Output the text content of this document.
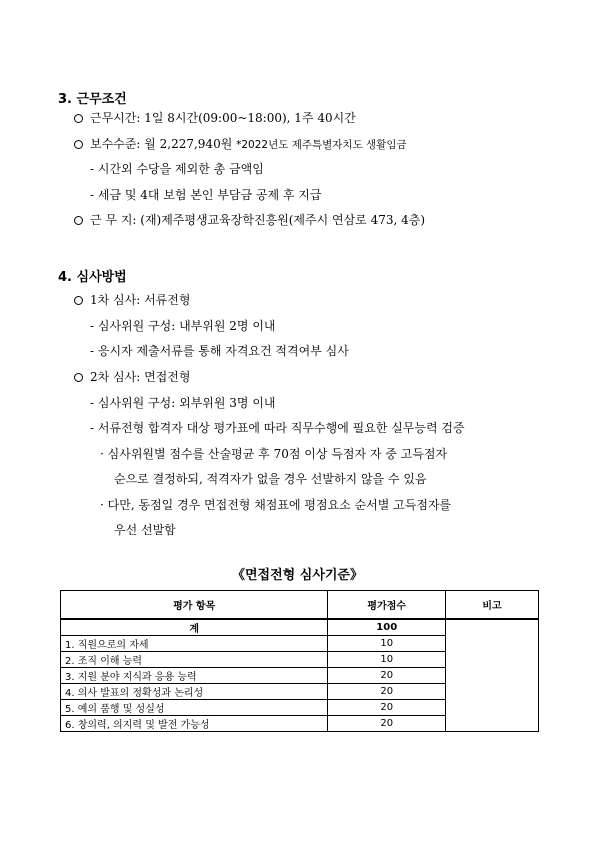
3. 근무조건
근무시간: 1일 8시간(09:00~18:00), 1주 40시간
보수수준: 월 2,227,940원 *2022년도 제주특별자치도 생활임금
- 시간외 수당을 제외한 총 금액임
- 세금 및 4대 보험 본인 부담금 공제 후 지급
근 무 지: (재)제주평생교육장학진흥원(제주시 연삼로 473, 4층)
4. 심사방법
1차 심사: 서류전형
- 심사위원 구성: 내부위원 2명 이내
- 응시자 제출서류를 통해 자격요건 적격여부 심사
2차 심사: 면접전형
- 심사위원 구성: 외부위원 3명 이내
- 서류전형 합격자 대상 평가표에 따라 직무수행에 필요한 실무능력 검증
· 심사위원별 점수를 산술평균 후 70점 이상 득점자 자 중 고득점자
순으로 결정하되, 적격자가 없을 경우 선발하지 않을 수 있음
· 다만, 동점일 경우 면접전형 채점표에 평점요소 순서별 고득점자를
우선 선발함
《면접전형 심사기준》
평가 항목	평가점수	비고
계	100	
1. 직원으로의 자세	10	
2. 조직 이해 능력	10	
3. 지원 분야 지식과 응용 능력	20	
4. 의사 발표의 정확성과 논리성	20	
5. 예의 품행 및 성실성	20	
6. 창의력, 의지력 및 발전 가능성	20	
